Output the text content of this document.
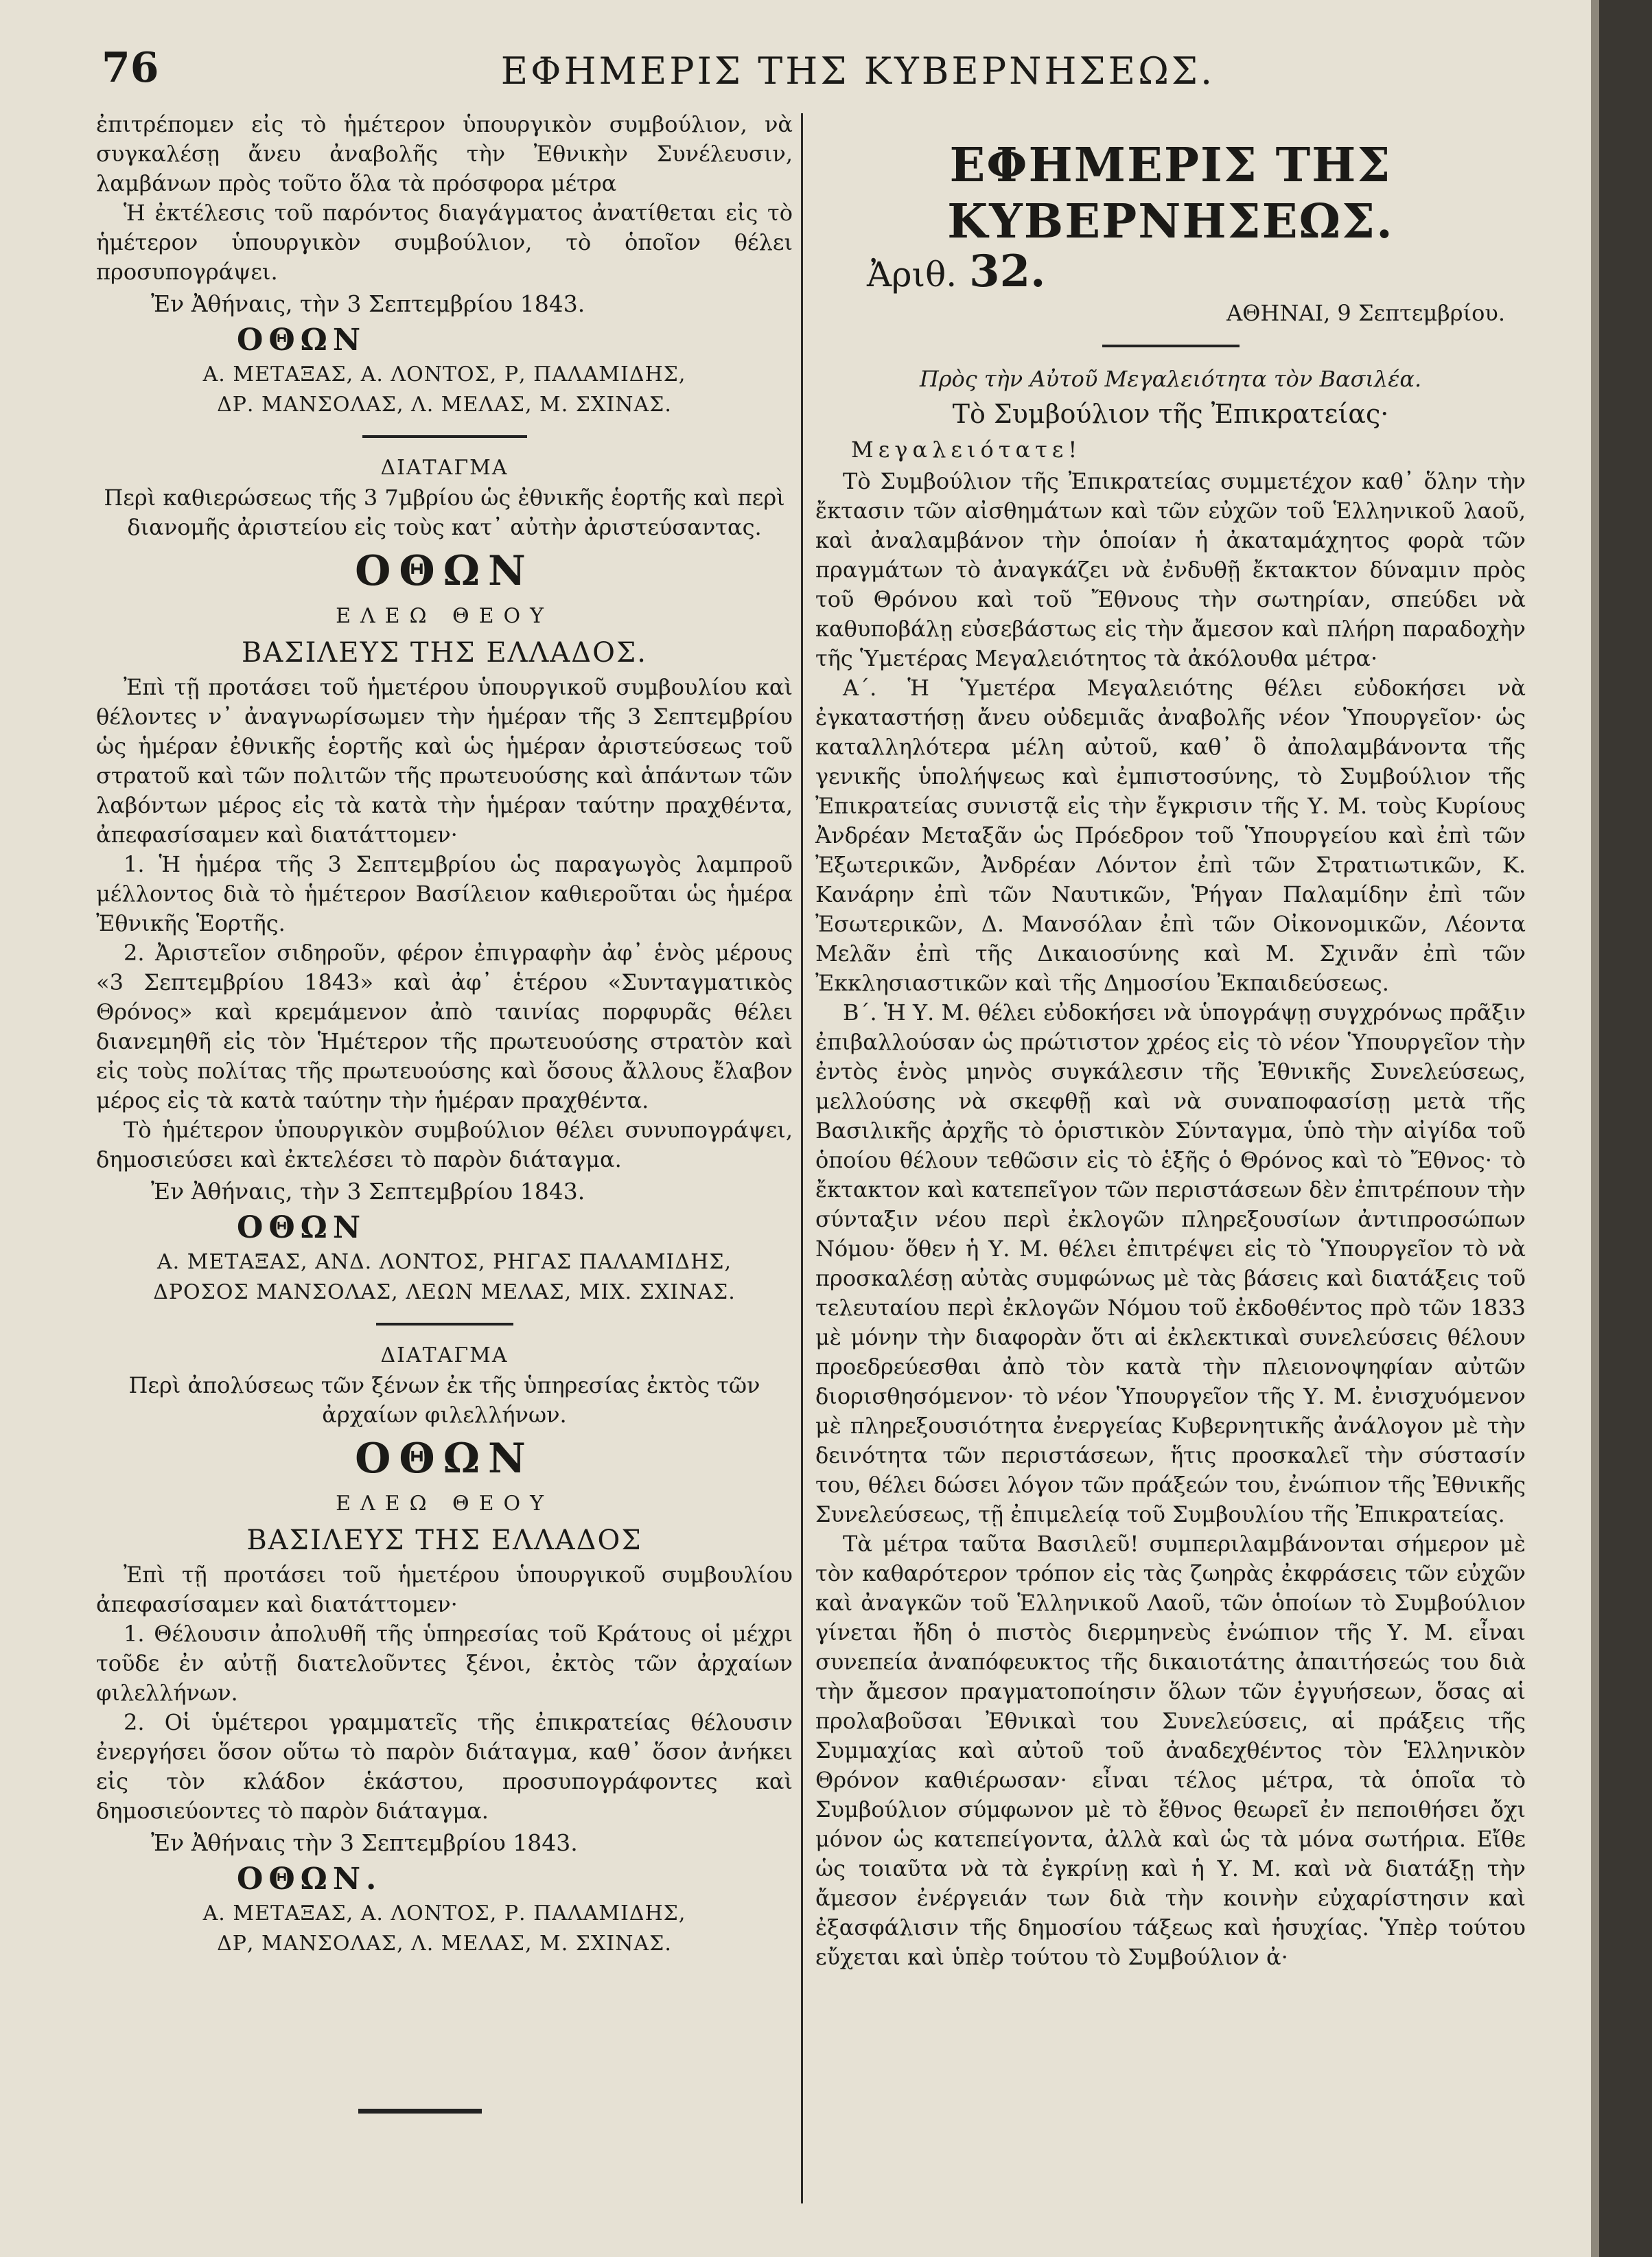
76	ΕΦΗΜΕΡΙΣ ΤΗΣ ΚΥΒΕΡΝΗΣΕΩΣ.

ἐπιτρέπομεν εἰς τὸ ἡμέτερον ὑπουργικὸν συμβούλιον, νὰ συγκαλέσῃ ἄνευ ἀναβολῆς τὴν Ἐθνικὴν Συνέλευσιν, λαμβάνων πρὸς τοῦτο ὅλα τὰ πρόσφορα μέτρα

Ἡ ἐκτέλεσις τοῦ παρόντος διαγάγματος ἀνατίθεται εἰς τὸ ἡμέτερον ὑπουργικὸν συμβούλιον, τὸ ὁποῖον θέλει προσυπογράψει.

Ἐν Ἀθήναις, τὴν 3 Σεπτεμβρίου 1843.
ΟΘΩΝ
Α. ΜΕΤΑΞΑΣ, Α. ΛΟΝΤΟΣ, Ρ, ΠΑΛΑΜΙΔΗΣ,
ΔΡ. ΜΑΝΣΟΛΑΣ, Λ. ΜΕΛΑΣ, Μ. ΣΧΙΝΑΣ.
ΔΙΑΤΑΓΜΑ
Περὶ καθιερώσεως τῆς 3 7μβρίου ὡς ἐθνικῆς ἑορτῆς καὶ περὶ διανομῆς ἀριστείου εἰς τοὺς κατ᾽ αὐτὴν ἀριστεύσαντας.
ΟΘΩΝ
ΕΛΕΩ ΘΕΟΥ
ΒΑΣΙΛΕΥΣ ΤΗΣ ΕΛΛΑΔΟΣ.

Ἐπὶ τῇ προτάσει τοῦ ἡμετέρου ὑπουργικοῦ συμβουλίου καὶ θέλοντες ν᾽ ἀναγνωρίσωμεν τὴν ἡμέραν τῆς 3 Σεπτεμβρίου ὡς ἡμέραν ἐθνικῆς ἑορτῆς καὶ ὡς ἡμέραν ἀριστεύσεως τοῦ στρατοῦ καὶ τῶν πολιτῶν τῆς πρωτευούσης καὶ ἁπάντων τῶν λαβόντων μέρος εἰς τὰ κατὰ τὴν ἡμέραν ταύτην πραχθέντα, ἀπεφασίσαμεν καὶ διατάττομεν·

1. Ἡ ἡμέρα τῆς 3 Σεπτεμβρίου ὡς παραγωγὸς λαμπροῦ μέλλοντος διὰ τὸ ἡμέτερον Βασίλειον καθιεροῦται ὡς ἡμέρα Ἐθνικῆς Ἑορτῆς.

2. Ἀριστεῖον σιδηροῦν, φέρον ἐπιγραφὴν ἀφ᾽ ἑνὸς μέρους «3 Σεπτεμβρίου 1843» καὶ ἀφ᾽ ἑτέρου «Συνταγματικὸς Θρόνος» καὶ κρεμάμενον ἀπὸ ταινίας πορφυρᾶς θέλει διανεμηθῆ εἰς τὸν Ἡμέτερον τῆς πρωτευούσης στρατὸν καὶ εἰς τοὺς πολίτας τῆς πρωτευούσης καὶ ὅσους ἄλλους ἔλαβον μέρος εἰς τὰ κατὰ ταύτην τὴν ἡμέραν πραχθέντα.

Τὸ ἡμέτερον ὑπουργικὸν συμβούλιον θέλει συνυπογράψει, δημοσιεύσει καὶ ἐκτελέσει τὸ παρὸν διάταγμα.

Ἐν Ἀθήναις, τὴν 3 Σεπτεμβρίου 1843.
ΟΘΩΝ
Α. ΜΕΤΑΞΑΣ, ΑΝΔ. ΛΟΝΤΟΣ, ΡΗΓΑΣ ΠΑΛΑΜΙΔΗΣ,
ΔΡΟΣΟΣ ΜΑΝΣΟΛΑΣ, ΛΕΩΝ ΜΕΛΑΣ, ΜΙΧ. ΣΧΙΝΑΣ.
ΔΙΑΤΑΓΜΑ
Περὶ ἀπολύσεως τῶν ξένων ἐκ τῆς ὑπηρεσίας ἐκτὸς τῶν ἀρχαίων φιλελλήνων.
ΟΘΩΝ
ΕΛΕΩ ΘΕΟΥ
ΒΑΣΙΛΕΥΣ ΤΗΣ ΕΛΛΑΔΟΣ

Ἐπὶ τῇ προτάσει τοῦ ἡμετέρου ὑπουργικοῦ συμβουλίου ἀπεφασίσαμεν καὶ διατάττομεν·

1. Θέλουσιν ἀπολυθῆ τῆς ὑπηρεσίας τοῦ Κράτους οἱ μέχρι τοῦδε ἐν αὐτῇ διατελοῦντες ξένοι, ἐκτὸς τῶν ἀρχαίων φιλελλήνων.

2. Οἱ ὑμέτεροι γραμματεῖς τῆς ἐπικρατείας θέλουσιν ἐνεργήσει ὅσον οὕτω τὸ παρὸν διάταγμα, καθ᾽ ὅσον ἀνήκει εἰς τὸν κλάδον ἑκάστου, προσυπογράφοντες καὶ δημοσιεύοντες τὸ παρὸν διάταγμα.

Ἐν Ἀθήναις τὴν 3 Σεπτεμβρίου 1843.
ΟΘΩΝ.
Α. ΜΕΤΑΞΑΣ, Α. ΛΟΝΤΟΣ, Ρ. ΠΑΛΑΜΙΔΗΣ,
ΔΡ, ΜΑΝΣΟΛΑΣ, Λ. ΜΕΛΑΣ, Μ. ΣΧΙΝΑΣ.
ΕΦΗΜΕΡΙΣ ΤΗΣ ΚΥΒΕΡΝΗΣΕΩΣ.
Ἀριθ. 32.
ΑΘΗΝΑΙ, 9 Σεπτεμβρίου.
Πρὸς τὴν Αὐτοῦ Μεγαλειότητα τὸν Βασιλέα.
Τὸ Συμβούλιον τῆς Ἐπικρατείας·
Μεγαλειότατε!

Τὸ Συμβούλιον τῆς Ἐπικρατείας συμμετέχον καθ᾽ ὅλην τὴν ἔκτασιν τῶν αἰσθημάτων καὶ τῶν εὐχῶν τοῦ Ἑλληνικοῦ λαοῦ, καὶ ἀναλαμβάνον τὴν ὁποίαν ἡ ἀκαταμάχητος φορὰ τῶν πραγμάτων τὸ ἀναγκάζει νὰ ἐνδυθῇ ἔκτακτον δύναμιν πρὸς τοῦ Θρόνου καὶ τοῦ Ἔθνους τὴν σωτηρίαν, σπεύδει νὰ καθυποβάλῃ εὐσεβάστως εἰς τὴν ἄμεσον καὶ πλήρη παραδοχὴν τῆς Ὑμετέρας Μεγαλειότητος τὰ ἀκόλουθα μέτρα·

Α΄. Ἡ Ὑμετέρα Μεγαλειότης θέλει εὐδοκήσει νὰ ἐγκαταστήσῃ ἄνευ οὐδεμιᾶς ἀναβολῆς νέον Ὑπουργεῖον· ὡς καταλληλότερα μέλη αὐτοῦ, καθ᾽ ὃ ἀπολαμβάνοντα τῆς γενικῆς ὑπολήψεως καὶ ἐμπιστοσύνης, τὸ Συμβούλιον τῆς Ἐπικρατείας συνιστᾷ εἰς τὴν ἔγκρισιν τῆς Υ. Μ. τοὺς Κυρίους Ἀνδρέαν Μεταξᾶν ὡς Πρόεδρον τοῦ Ὑπουργείου καὶ ἐπὶ τῶν Ἐξωτερικῶν, Ἀνδρέαν Λόντον ἐπὶ τῶν Στρατιωτικῶν, Κ. Κανάρην ἐπὶ τῶν Ναυτικῶν, Ῥήγαν Παλαμίδην ἐπὶ τῶν Ἐσωτερικῶν, Δ. Μανσόλαν ἐπὶ τῶν Οἰκονομικῶν, Λέοντα Μελᾶν ἐπὶ τῆς Δικαιοσύνης καὶ Μ. Σχινᾶν ἐπὶ τῶν Ἐκκλησιαστικῶν καὶ τῆς Δημοσίου Ἐκπαιδεύσεως.

Β΄. Ἡ Υ. Μ. θέλει εὐδοκήσει νὰ ὑπογράψῃ συγχρόνως πρᾶξιν ἐπιβαλλούσαν ὡς πρώτιστον χρέος εἰς τὸ νέον Ὑπουργεῖον τὴν ἐντὸς ἑνὸς μηνὸς συγκάλεσιν τῆς Ἐθνικῆς Συνελεύσεως, μελλούσης νὰ σκεφθῇ καὶ νὰ συναποφασίσῃ μετὰ τῆς Βασιλικῆς ἀρχῆς τὸ ὁριστικὸν Σύνταγμα, ὑπὸ τὴν αἰγίδα τοῦ ὁποίου θέλουν τεθῶσιν εἰς τὸ ἑξῆς ὁ Θρόνος καὶ τὸ Ἔθνος· τὸ ἔκτακτον καὶ κατεπεῖγον τῶν περιστάσεων δὲν ἐπιτρέπουν τὴν σύνταξιν νέου περὶ ἐκλογῶν πληρεξουσίων ἀντιπροσώπων Νόμου· ὅθεν ἡ Υ. Μ. θέλει ἐπιτρέψει εἰς τὸ Ὑπουργεῖον τὸ νὰ προσκαλέσῃ αὐτὰς συμφώνως μὲ τὰς βάσεις καὶ διατάξεις τοῦ τελευταίου περὶ ἐκλογῶν Νόμου τοῦ ἐκδοθέντος πρὸ τῶν 1833 μὲ μόνην τὴν διαφορὰν ὅτι αἱ ἐκλεκτικαὶ συνελεύσεις θέλουν προεδρεύεσθαι ἀπὸ τὸν κατὰ τὴν πλειονοψηφίαν αὐτῶν διορισθησόμενον· τὸ νέον Ὑπουργεῖον τῆς Υ. Μ. ἐνισχυόμενον μὲ πληρεξουσιότητα ἐνεργείας Κυβερνητικῆς ἀνάλογον μὲ τὴν δεινότητα τῶν περιστάσεων, ἥτις προσκαλεῖ τὴν σύστασίν του, θέλει δώσει λόγον τῶν πράξεών του, ἐνώπιον τῆς Ἐθνικῆς Συνελεύσεως, τῇ ἐπιμελείᾳ τοῦ Συμβουλίου τῆς Ἐπικρατείας.

Τὰ μέτρα ταῦτα Βασιλεῦ! συμπεριλαμβάνονται σήμερον μὲ τὸν καθαρότερον τρόπον εἰς τὰς ζωηρὰς ἐκφράσεις τῶν εὐχῶν καὶ ἀναγκῶν τοῦ Ἑλληνικοῦ Λαοῦ, τῶν ὁποίων τὸ Συμβούλιον γίνεται ἤδη ὁ πιστὸς διερμηνεὺς ἐνώπιον τῆς Υ. Μ. εἶναι συνεπεία ἀναπόφευκτος τῆς δικαιοτάτης ἀπαιτήσεώς του διὰ τὴν ἄμεσον πραγματοποίησιν ὅλων τῶν ἐγγυήσεων, ὅσας αἱ προλαβοῦσαι Ἐθνικαὶ του Συνελεύσεις, αἱ πράξεις τῆς Συμμαχίας καὶ αὐτοῦ τοῦ ἀναδεχθέντος τὸν Ἑλληνικὸν Θρόνον καθιέρωσαν· εἶναι τέλος μέτρα, τὰ ὁποῖα τὸ Συμβούλιον σύμφωνον μὲ τὸ ἔθνος θεωρεῖ ἐν πεποιθήσει ὄχι μόνον ὡς κατεπείγοντα, ἀλλὰ καὶ ὡς τὰ μόνα σωτήρια. Εἴθε ὡς τοιαῦτα νὰ τὰ ἐγκρίνῃ καὶ ἡ Υ. Μ. καὶ νὰ διατάξῃ τὴν ἄμεσον ἐνέργειάν των διὰ τὴν κοινὴν εὐχαρίστησιν καὶ ἐξασφάλισιν τῆς δημοσίου τάξεως καὶ ἡσυχίας. Ὑπὲρ τούτου εὔχεται καὶ ὑπὲρ τούτου τὸ Συμβούλιον ἀ·
